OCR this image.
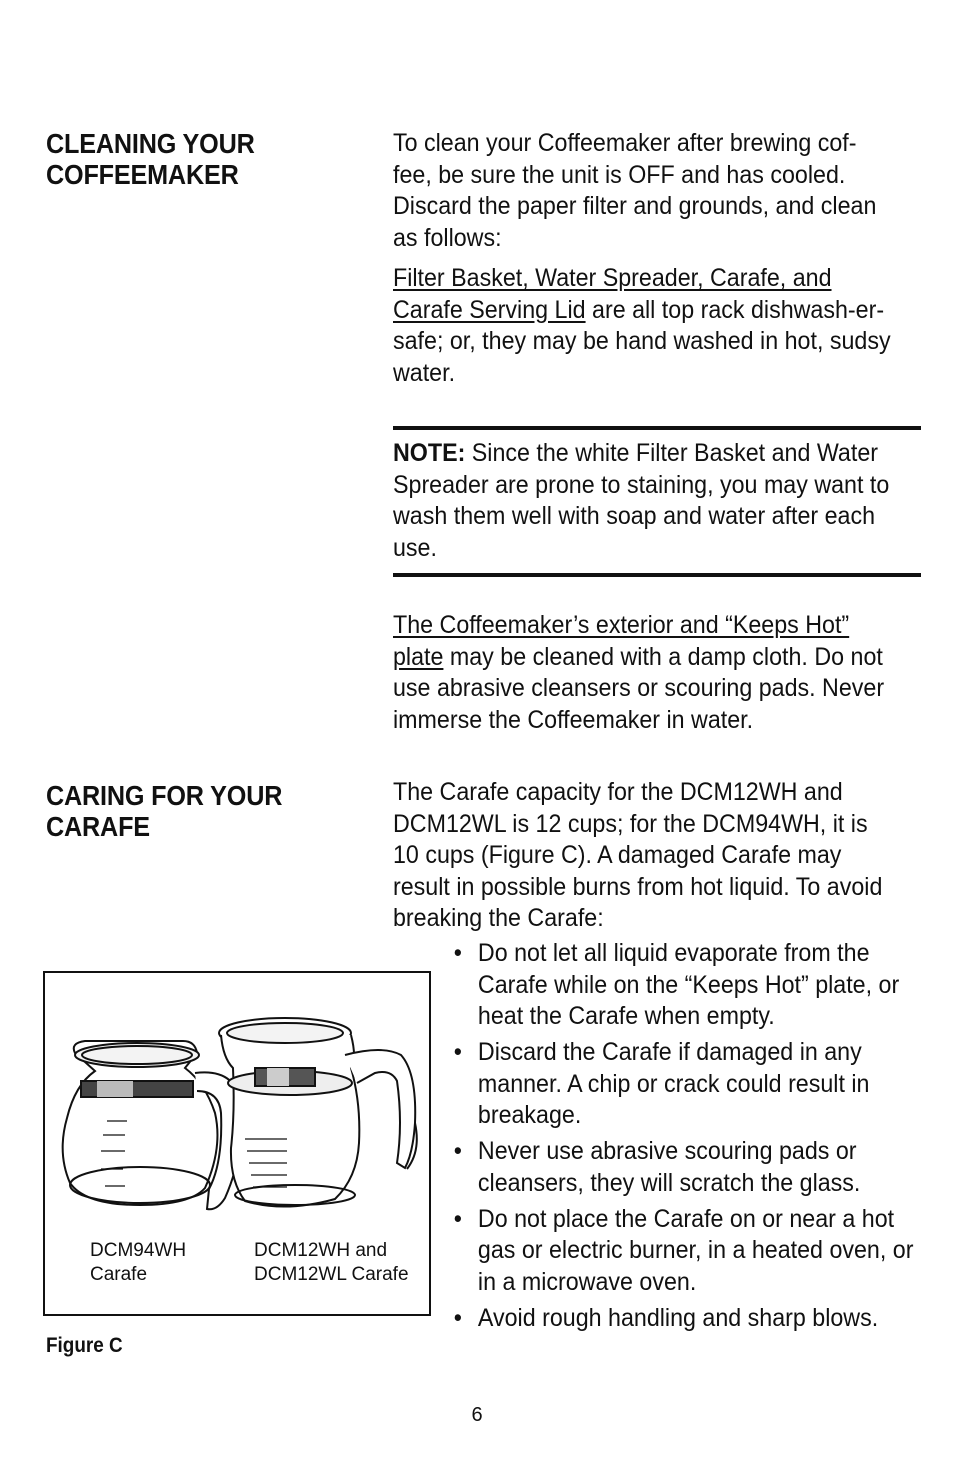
CLEANING YOUR COFFEEMAKER
To clean your Coffeemaker after brewing cof-fee, be sure the unit is OFF and has cooled. Discard the paper filter and grounds, and clean as follows:
Filter Basket, Water Spreader, Carafe, and Carafe Serving Lid are all top rack dishwash-er-safe; or, they may be hand washed in hot, sudsy water.
NOTE: Since the white Filter Basket and Water Spreader are prone to staining, you may want to wash them well with soap and water after each use.
The Coffeemaker’s exterior and “Keeps Hot” plate may be cleaned with a damp cloth. Do not use abrasive cleansers or scouring pads. Never immerse the Coffeemaker in water.
CARING FOR YOUR CARAFE
The Carafe capacity for the DCM12WH and DCM12WL is 12 cups; for the DCM94WH, it is 10 cups (Figure C). A damaged Carafe may result in possible burns from hot liquid. To avoid breaking the Carafe:
• Do not let all liquid evaporate from the Carafe while on the “Keeps Hot” plate, or heat the Carafe when empty.
• Discard the Carafe if damaged in any manner. A chip or crack could result in breakage.
• Never use abrasive scouring pads or cleansers, they will scratch the glass.
• Do not place the Carafe on or near a hot gas or electric burner, in a heated oven, or in a microwave oven.
• Avoid rough handling and sharp blows.
DCM94WH
Carafe
DCM12WH and
DCM12WL Carafe
Figure C
6
